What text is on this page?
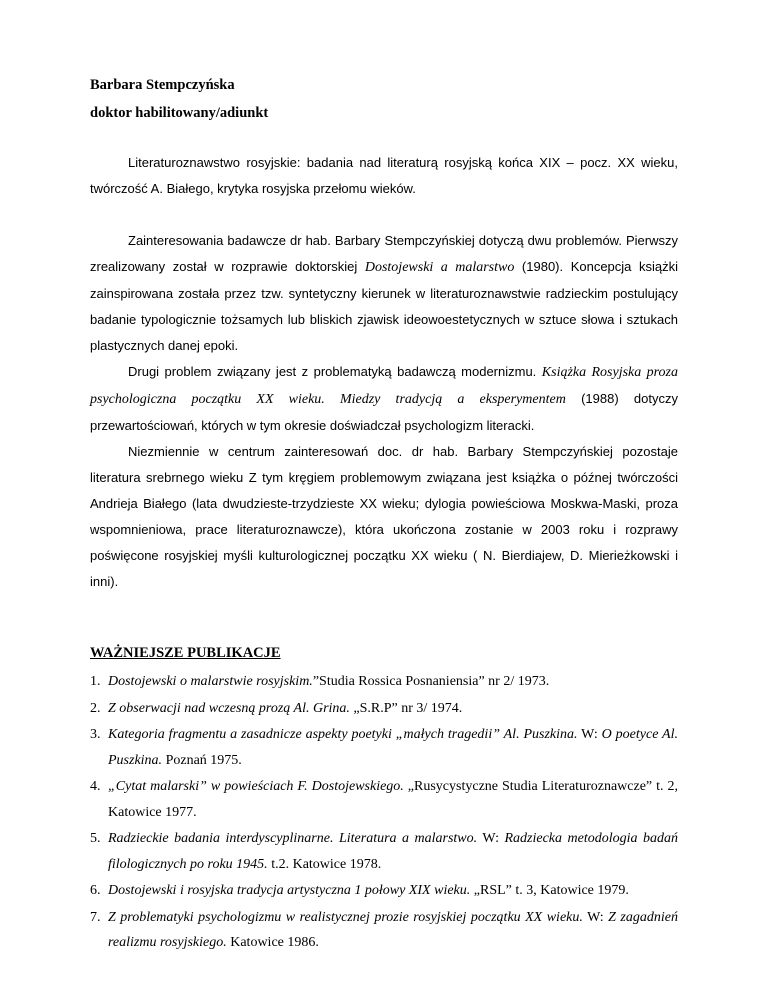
Barbara Stempczyńska

doktor habilitowany/adiunkt

Literaturoznawstwo rosyjskie: badania nad literaturą rosyjską końca XIX – pocz. XX wieku, twórczość A. Białego, krytyka rosyjska przełomu wieków.

Zainteresowania badawcze dr hab. Barbary Stempczyńskiej dotyczą dwu problemów. Pierwszy zrealizowany został w rozprawie doktorskiej Dostojewski a malarstwo (1980). Koncepcja książki zainspirowana została przez tzw. syntetyczny kierunek w literaturoznawstwie radzieckim postulujący badanie typologicznie tożsamych lub bliskich zjawisk ideowoestetycznych w sztuce słowa i sztukach plastycznych danej epoki.

Drugi problem związany jest z problematyką badawczą modernizmu. Książka Rosyjska proza psychologiczna początku XX wieku. Miedzy tradycją a eksperymentem (1988) dotyczy przewartościowań, których w tym okresie doświadczał psychologizm literacki.

Niezmiennie w centrum zainteresowań doc. dr hab. Barbary Stempczyńskiej pozostaje literatura srebrnego wieku Z tym kręgiem problemowym związana jest książka o późnej twórczości Andrieja Białego (lata dwudzieste-trzydzieste XX wieku; dylogia powieściowa Moskwa-Maski, proza wspomnieniowa, prace literaturoznawcze), która ukończona zostanie w 2003 roku i rozprawy poświęcone rosyjskiej myśli kulturologicznej początku XX wieku ( N. Bierdiajew, D. Mierieżkowski i inni).

WAŻNIEJSZE PUBLIKACJE

1. Dostojewski o malarstwie rosyjskim.”Studia Rossica Posnaniensia” nr 2/ 1973.
2. Z obserwacji nad wczesną prozą Al. Grina. „S.R.P” nr 3/ 1974.
3. Kategoria fragmentu a zasadnicze aspekty poetyki „małych tragedii” Al. Puszkina. W: O poetyce Al. Puszkina. Poznań 1975.
4. „Cytat malarski” w powieściach F. Dostojewskiego. „Rusycystyczne Studia Literaturoznawcze” t. 2, Katowice 1977.
5. Radzieckie badania interdyscyplinarne. Literatura a malarstwo. W: Radziecka metodologia badań filologicznych po roku 1945. t.2. Katowice 1978.
6. Dostojewski i rosyjska tradycja artystyczna 1 połowy XIX wieku. „RSL” t. 3, Katowice 1979.
7. Z problematyki psychologizmu w realistycznej prozie rosyjskiej początku XX wieku. W: Z zagadnień realizmu rosyjskiego. Katowice 1986.
